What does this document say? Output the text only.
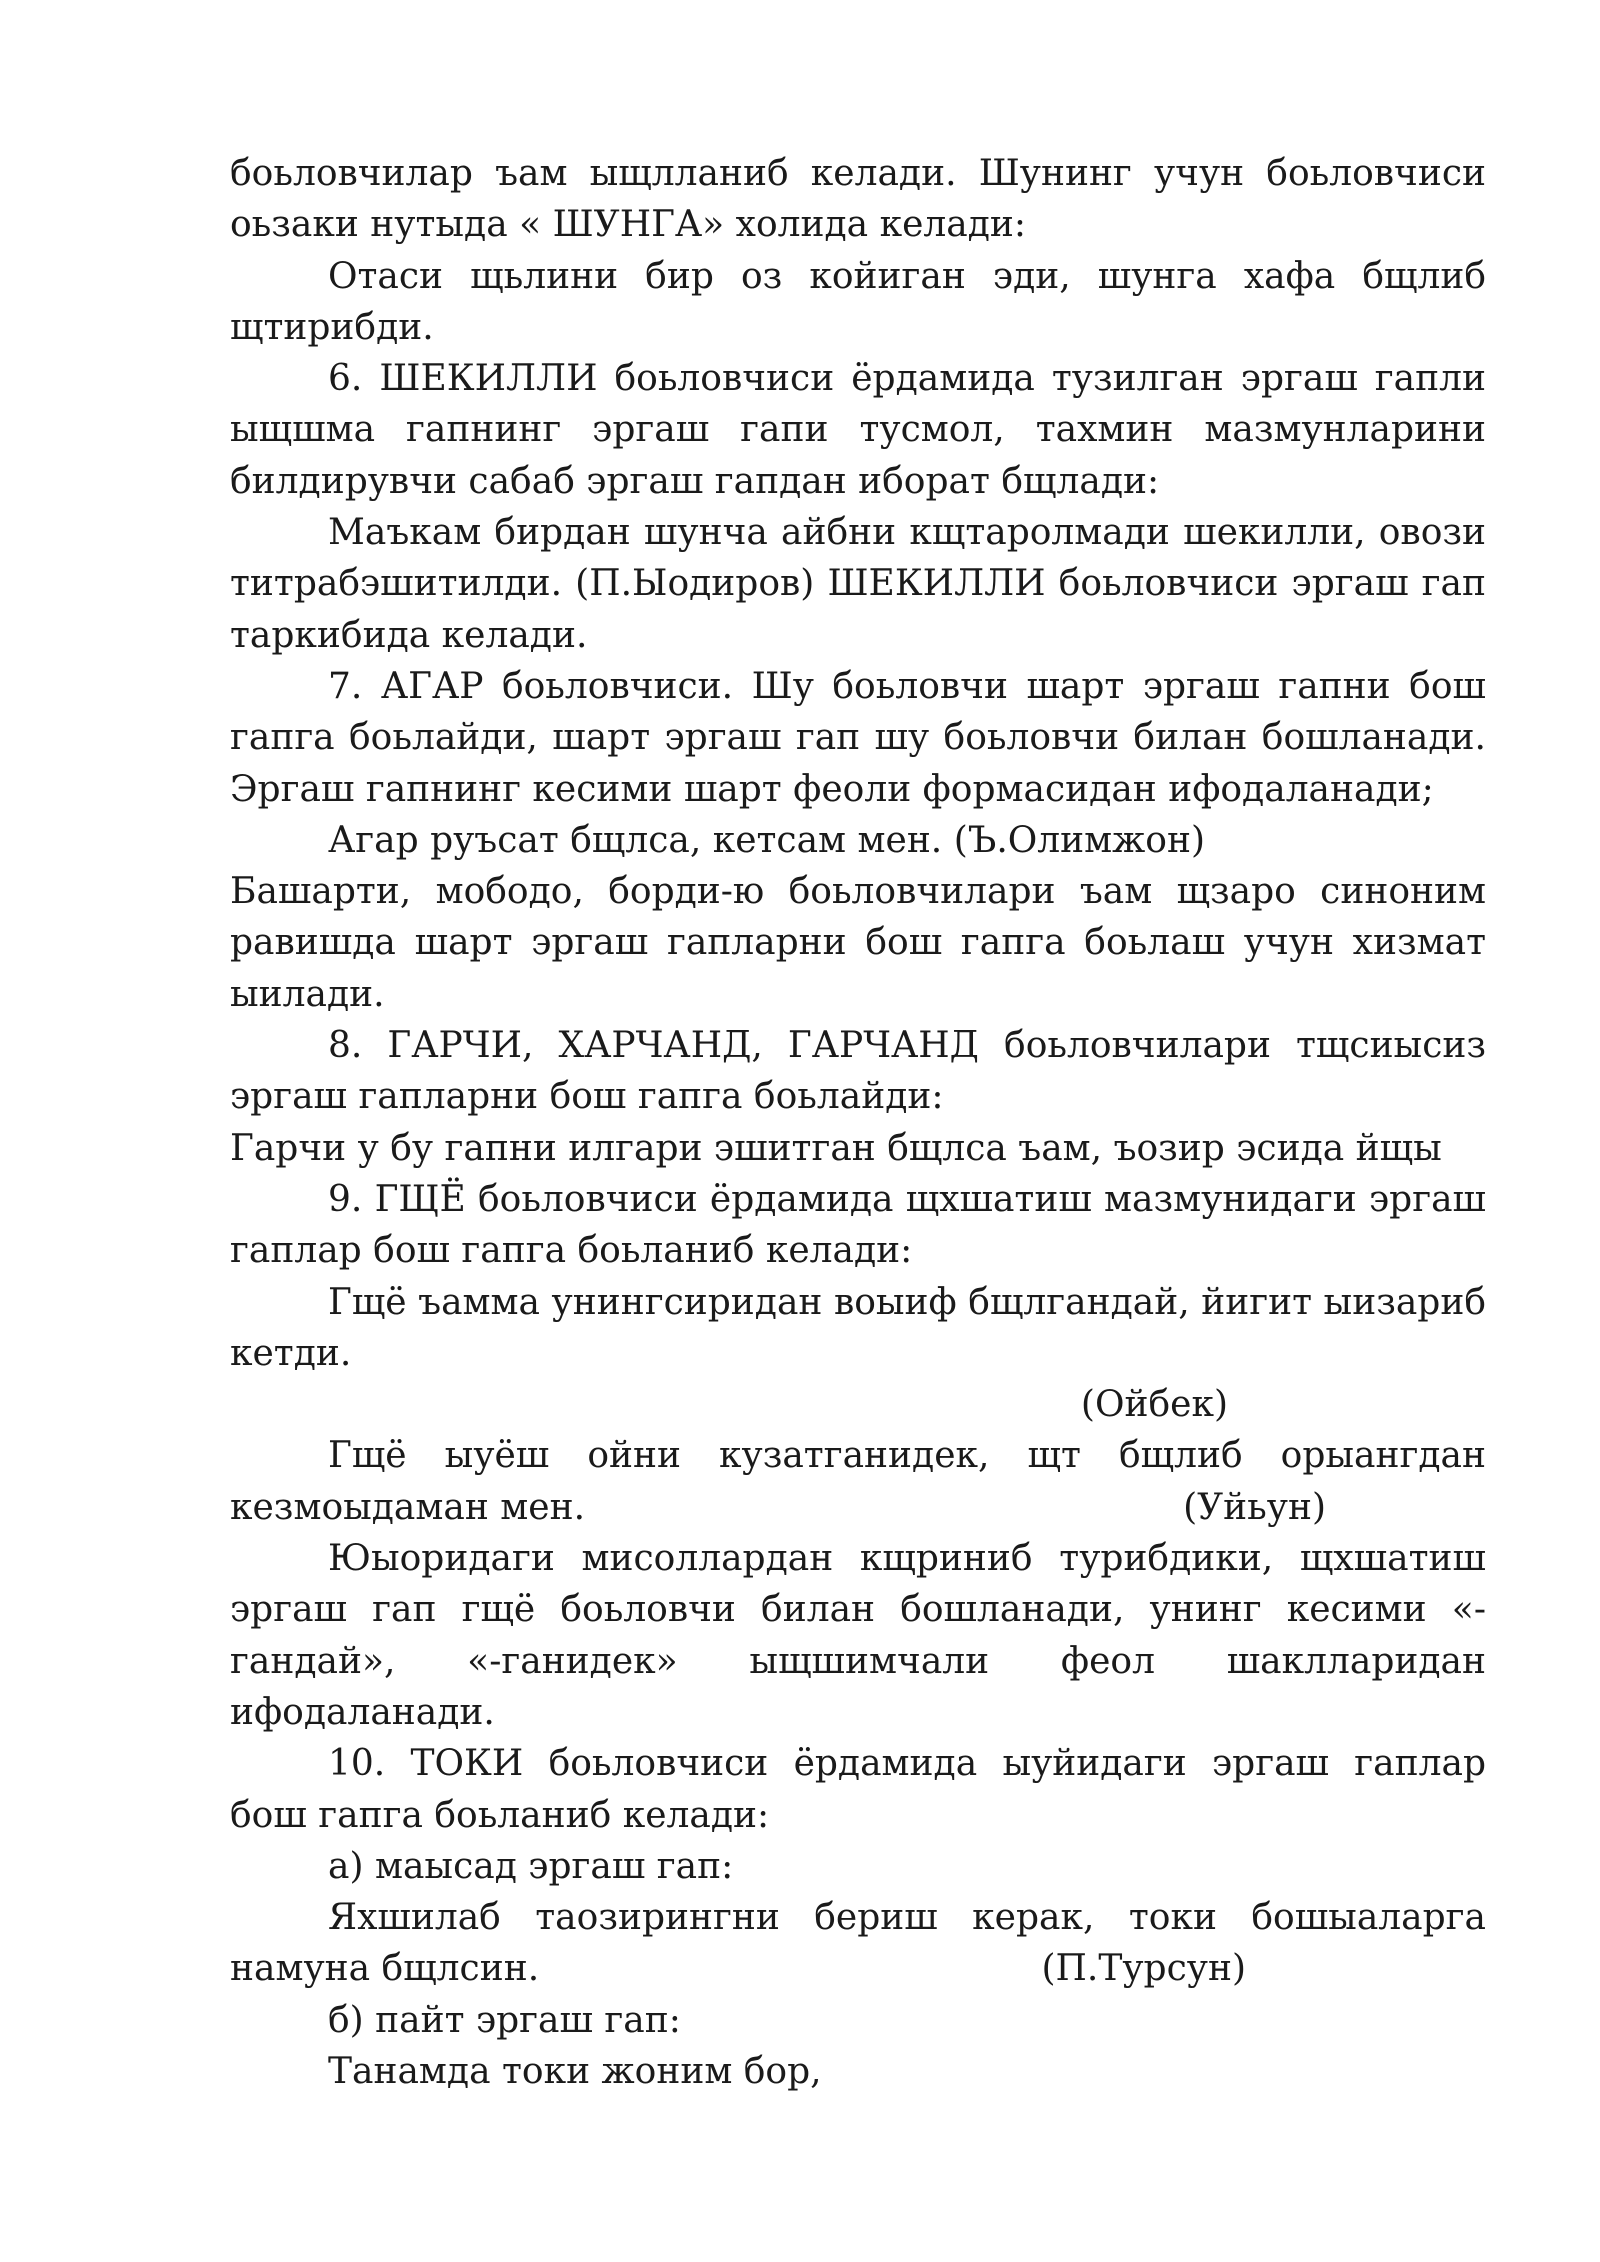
боьловчилар ъам ыщлланиб келади. Шунинг учун боьловчиси оьзаки нутыда « ШУНГА» холида келади:

Отаси щьлини бир оз койиган эди, шунга хафа бщлиб щтирибди.

6. ШЕКИЛЛИ боьловчиси ёрдамида тузилган эргаш гапли ыщшма гапнинг эргаш гапи тусмол, тахмин мазмунларини билдирувчи сабаб эргаш гапдан иборат бщлади:

Маъкам бирдан шунча айбни кщтаролмади шекилли, овози титрабэшитилди. (П.Ыодиров) ШЕКИЛЛИ боьловчиси эргаш гап таркибида келади.

7. АГАР боьловчиси. Шу боьловчи шарт эргаш гапни бош гапга боьлайди, шарт эргаш гап шу боьловчи билан бошланади. Эргаш гапнинг кесими шарт феоли формасидан ифодаланади;

Агар руъсат бщлса, кетсам мен. (Ъ.Олимжон)

Башарти, мободо, борди-ю боьловчилари ъам щзаро синоним равишда шарт эргаш гапларни бош гапга боьлаш учун хизмат ыилади.

8. ГАРЧИ, ХАРЧАНД, ГАРЧАНД боьловчилари тщсиысиз эргаш гапларни бош гапга боьлайди:

Гарчи у бу гапни илгари эшитган бщлса ъам, ъозир эсида йщы

9. ГЩЁ боьловчиси ёрдамида щхшатиш мазмунидаги эргаш гаплар бош гапга боьланиб келади:

Гщё ъамма унингсиридан воыиф бщлгандай, йигит ыизариб кетди.

(Ойбек)

Гщё ыуёш ойни кузатганидек, щт бщлиб орыангдан кезмоыдаман мен.	(Уйьун)

Юыоридаги мисоллардан кщриниб турибдики, щхшатиш эргаш гап гщё боьловчи билан бошланади, унинг кесими «-гандай», «-ганидек» ыщшимчали феол шаклларидан ифодаланади.

10. ТОКИ боьловчиси ёрдамида ыуйидаги эргаш гаплар бош гапга боьланиб келади:

а) маысад эргаш гап:

Яхшилаб таозирингни бериш керак, токи бошыаларга намуна бщлсин.	(П.Турсун)

б) пайт эргаш гап:

Танамда токи жоним бор,
